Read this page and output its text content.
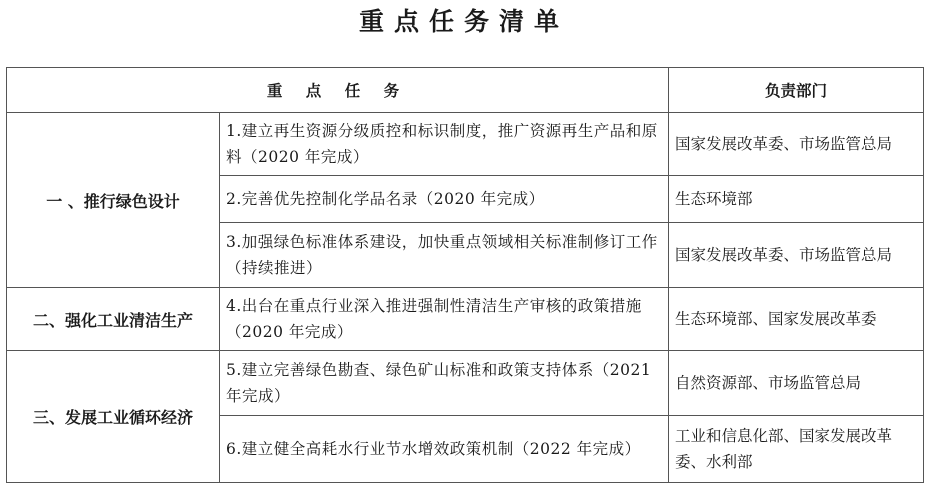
重点任务清单
重 点 任 务		负责部门
一 、推行绿色设计	1.建立再生资源分级质控和标识制度，推广资源再生产品和原料（2020 年完成）	国家发展改革委、市场监管总局
	2.完善优先控制化学品名录（2020 年完成）	生态环境部
	3.加强绿色标准体系建设，加快重点领域相关标准制修订工作（持续推进）	国家发展改革委、市场监管总局
二、强化工业清洁生产	4.出台在重点行业深入推进强制性清洁生产审核的政策措施（2020 年完成）	生态环境部、国家发展改革委
三、发展工业循环经济	5.建立完善绿色勘查、绿色矿山标准和政策支持体系（2021 年完成）	自然资源部、市场监管总局
	6.建立健全高耗水行业节水增效政策机制（2022 年完成）	工业和信息化部、国家发展改革委、水利部
